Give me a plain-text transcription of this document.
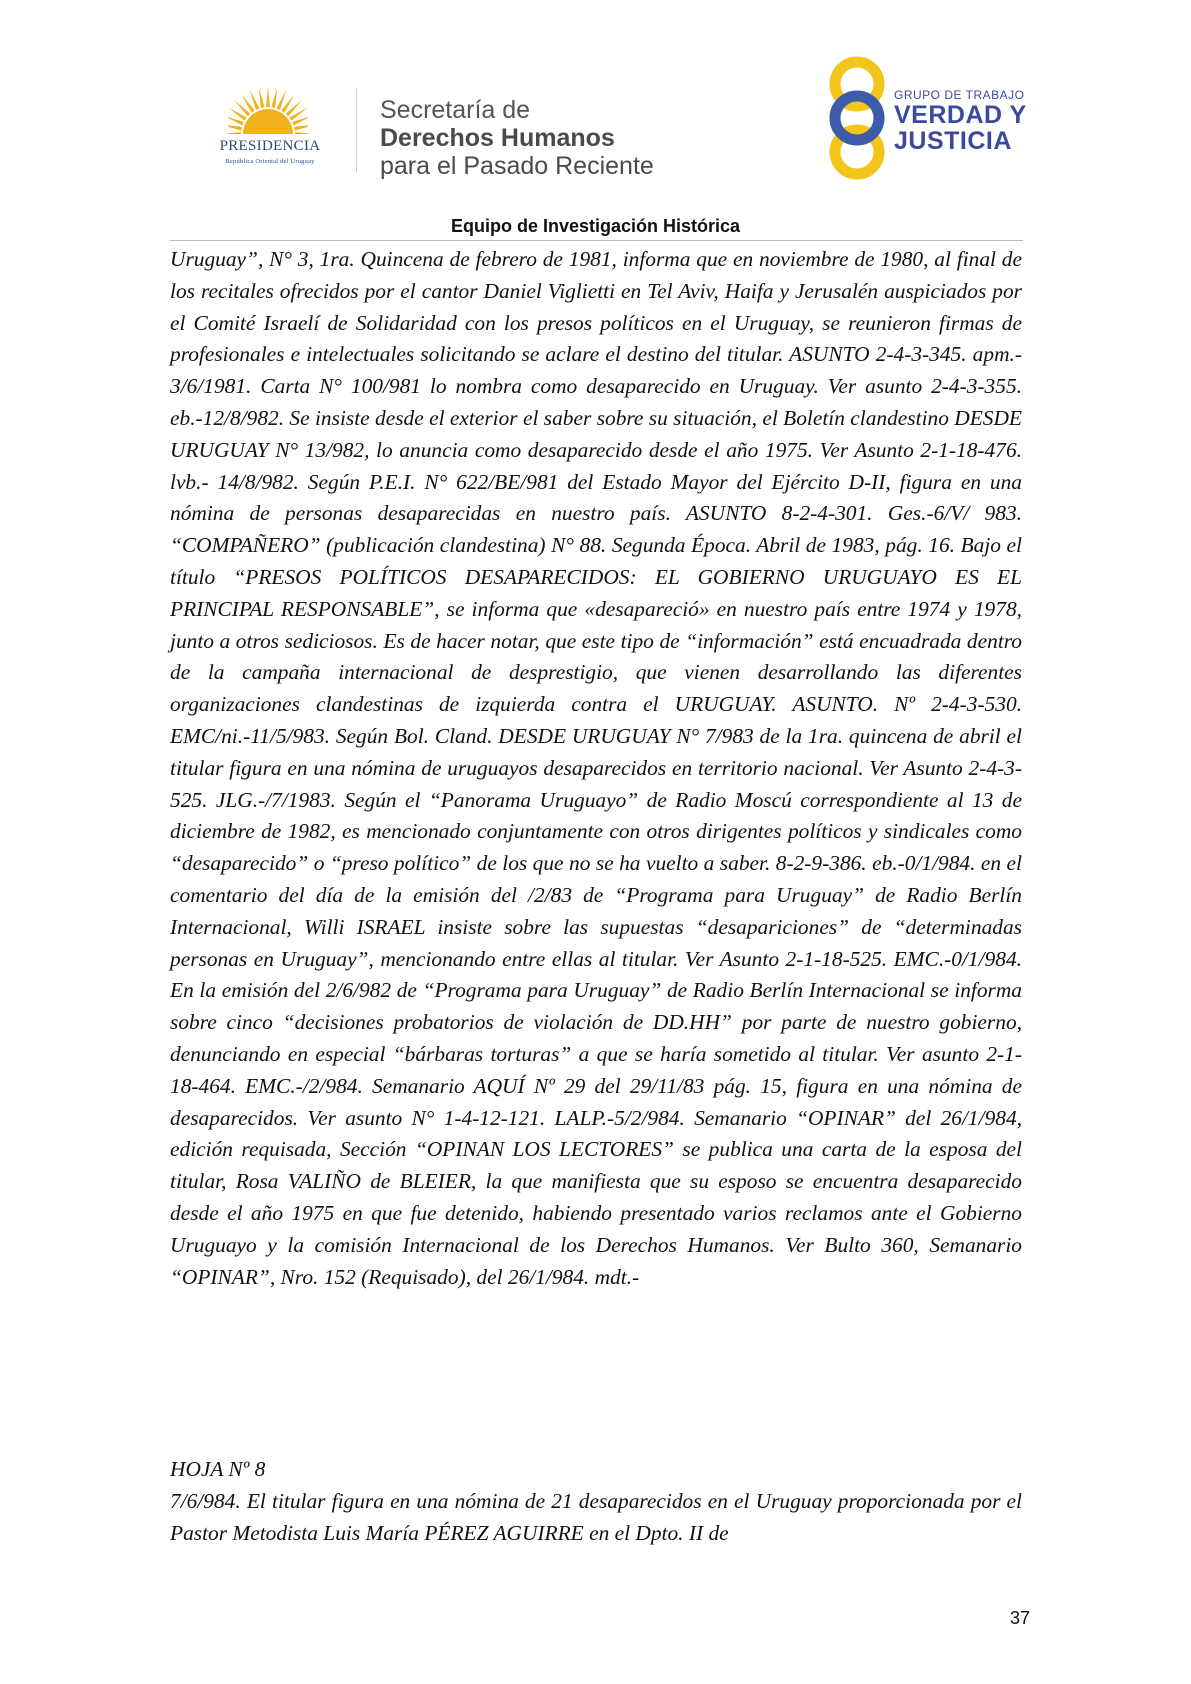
PRESIDENCIA
República Oriental del Uruguay
Secretaría de
Derechos Humanos
para el Pasado Reciente
GRUPO DE TRABAJO
VERDAD Y
JUSTICIA
Equipo de Investigación Histórica

Uruguay”, N° 3, 1ra. Quincena de febrero de 1981, informa que en noviembre de 1980, al final de los recitales ofrecidos por el cantor Daniel Viglietti en Tel Aviv, Haifa y Jerusalén auspiciados por el Comité Israelí de Solidaridad con los presos políticos en el Uruguay, se reunieron firmas de profesionales e intelectuales solicitando se aclare el destino del titular. ASUNTO 2-4-3-345. apm.- 3/6/1981. Carta N° 100/981 lo nombra como desaparecido en Uruguay. Ver asunto 2-4-3-355. eb.-12/8/982. Se insiste desde el exterior el saber sobre su situación, el Boletín clandestino DESDE URUGUAY N° 13/982, lo anuncia como desaparecido desde el año 1975. Ver Asunto 2-1-18-476. lvb.- 14/8/982. Según P.E.I. N° 622/BE/981 del Estado Mayor del Ejército D-II, figura en una nómina de personas desaparecidas en nuestro país. ASUNTO 8-2-4-301. Ges.-6/V/ 983. “COMPAÑERO” (publicación clandestina) N° 88. Segunda Época. Abril de 1983, pág. 16. Bajo el título “PRESOS POLÍTICOS DESAPARECIDOS: EL GOBIERNO URUGUAYO ES EL PRINCIPAL RESPONSABLE”, se informa que «desapareció» en nuestro país entre 1974 y 1978, junto a otros sediciosos. Es de hacer notar, que este tipo de “información” está encuadrada dentro de la campaña internacional de desprestigio, que vienen desarrollando las diferentes organizaciones clandestinas de izquierda contra el URUGUAY. ASUNTO. Nº 2-4-3-530. EMC/ni.-11/5/983. Según Bol. Cland. DESDE URUGUAY N° 7/983 de la 1ra. quincena de abril el titular figura en una nómina de uruguayos desaparecidos en territorio nacional. Ver Asunto 2-4-3-525. JLG.-/7/1983. Según el “Panorama Uruguayo” de Radio Moscú correspondiente al 13 de diciembre de 1982, es mencionado conjuntamente con otros dirigentes políticos y sindicales como “desaparecido” o “preso político” de los que no se ha vuelto a saber. 8-2-9-386. eb.-0/1/984. en el comentario del día de la emisión del /2/83 de “Programa para Uruguay” de Radio Berlín Internacional, Willi ISRAEL insiste sobre las supuestas “desapariciones” de “determinadas personas en Uruguay”, mencionando entre ellas al titular. Ver Asunto 2-1-18-525. EMC.-0/1/984. En la emisión del 2/6/982 de “Programa para Uruguay” de Radio Berlín Internacional se informa sobre cinco “decisiones probatorios de violación de DD.HH” por parte de nuestro gobierno, denunciando en especial “bárbaras torturas” a que se haría sometido al titular. Ver asunto 2-1-18-464. EMC.-/2/984. Semanario AQUÍ Nº 29 del 29/11/83 pág. 15, figura en una nómina de desaparecidos. Ver asunto N° 1-4-12-121. LALP.-5/2/984. Semanario “OPINAR” del 26/1/984, edición requisada, Sección “OPINAN LOS LECTORES” se publica una carta de la esposa del titular, Rosa VALIÑO de BLEIER, la que manifiesta que su esposo se encuentra desaparecido desde el año 1975 en que fue detenido, habiendo presentado varios reclamos ante el Gobierno Uruguayo y la comisión Internacional de los Derechos Humanos. Ver Bulto 360, Semanario “OPINAR”, Nro. 152 (Requisado), del 26/1/984. mdt.-

HOJA Nº 8

7/6/984. El titular figura en una nómina de 21 desaparecidos en el Uruguay proporcionada por el Pastor Metodista Luis María PÉREZ AGUIRRE en el Dpto. II de

37
